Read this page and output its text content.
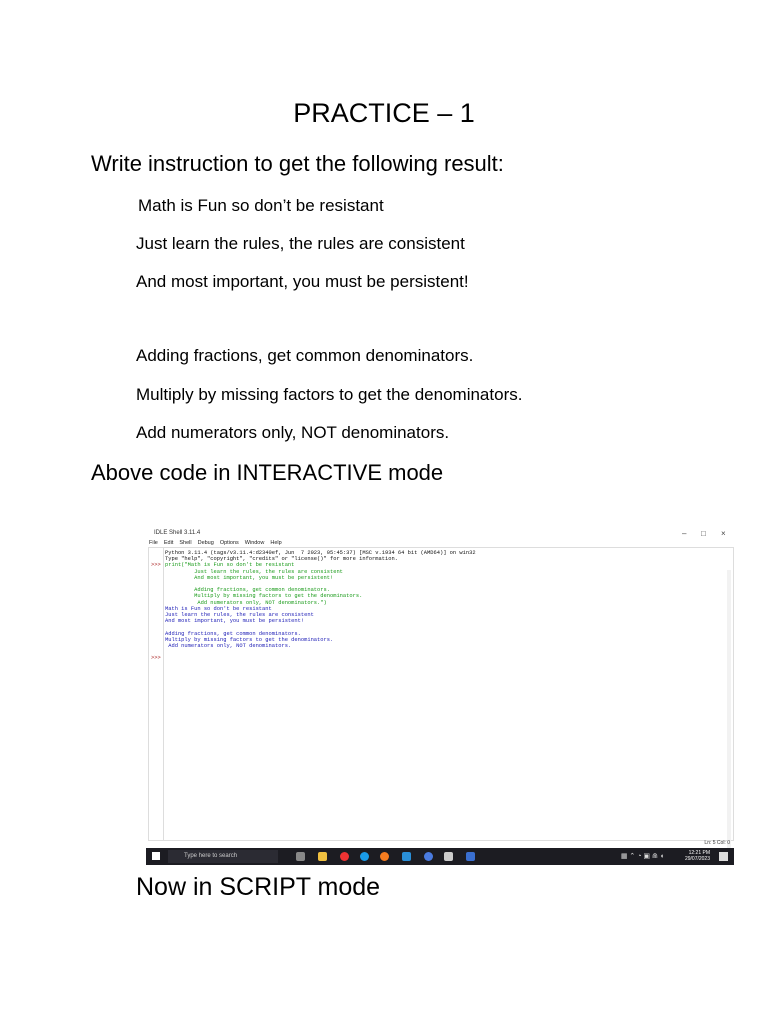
PRACTICE – 1
Write instruction to get the following result:
Math is Fun so don’t be resistant
Just learn the rules, the rules are consistent
And most important, you must be persistent!
Adding fractions, get common denominators.
Multiply by missing factors to get the denominators.
Add numerators only, NOT denominators.
Above code in INTERACTIVE mode
IDLE Shell 3.11.4	– □ ×
File Edit Shell Debug Options Window Help
>>>
>>>
Python 3.11.4 (tags/v3.11.4:d2340ef, Jun  7 2023, 05:45:37) [MSC v.1934 64 bit (AMD64)] on win32
Type "help", "copyright", "credits" or "license()" for more information.
print("Math is Fun so don't be resistant
Just learn the rules, the rules are consistent
And most important, you must be persistent!

Adding fractions, get common denominators.
Multiply by missing factors to get the denominators.
Add numerators only, NOT denominators.")
Math is Fun so don't be resistant
Just learn the rules, the rules are consistent
And most important, you must be persistent!

Adding fractions, get common denominators.
Multiply by missing factors to get the denominators.
Add numerators only, NOT denominators.
Ln: 5 Col: 0
Type here to search	▦ ⌃ ◔ ▣ ⋒ ◖	12:21 PM
29/07/2023
Now in SCRIPT mode
